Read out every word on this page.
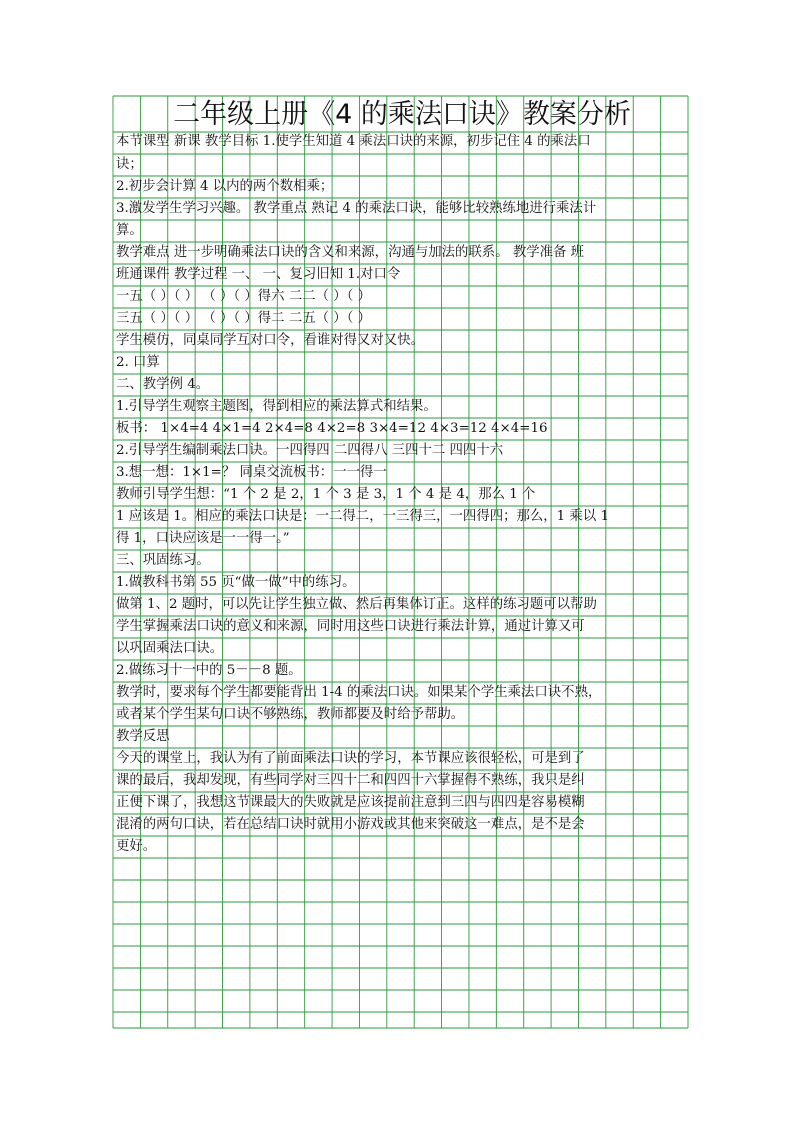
二年级上册《4 的乘法口诀》教案分析
本节课型 新课 教学目标 1.使学生知道 4 乘法口诀的来源，初步记住 4 的乘法口
诀；
2.初步会计算 4 以内的两个数相乘；
3.激发学生学习兴趣。 教学重点 熟记 4 的乘法口诀，能够比较熟练地进行乘法计
算。
教学难点 进一步明确乘法口诀的含义和来源，沟通与加法的联系。 教学准备 班
班通课件 教学过程 一、 一、复习旧知 1.对口令
一五（ ）（ ） （ ）（ ）得六 二二（ ）（ ）
三五（ ）（ ） （ ）（ ）得二 二五（ ）（ ）
学生模仿，同桌同学互对口令，看谁对得又对又快。
2. 口算
二、教学例 4。
1.引导学生观察主题图，得到相应的乘法算式和结果。
板书： 1×4=4 4×1=4 2×4=8 4×2=8 3×4=12 4×3=12 4×4=16
2.引导学生编制乘法口诀。一四得四 二四得八 三四十二 四四十六
3.想一想：1×1=？ 同桌交流板书：一一得一
教师引导学生想：“1 个 2 是 2，1 个 3 是 3，1 个 4 是 4，那么 1 个
1 应该是 1。相应的乘法口诀是：一二得二，一三得三，一四得四；那么，1 乘以 1
得 1，口诀应该是一一得一。”
三、巩固练习。
1.做教科书第 55 页“做一做”中的练习。
做第 1、2 题时，可以先让学生独立做、然后再集体订正。这样的练习题可以帮助
学生掌握乘法口诀的意义和来源，同时用这些口诀进行乘法计算，通过计算又可
以巩固乘法口诀。
2.做练习十一中的 5－－8 题。
教学时，要求每个学生都要能背出 1-4 的乘法口诀。如果某个学生乘法口诀不熟，
或者某个学生某句口诀不够熟练，教师都要及时给予帮助。
教学反思
今天的课堂上，我认为有了前面乘法口诀的学习，本节课应该很轻松，可是到了
课的最后，我却发现，有些同学对三四十二和四四十六掌握得不熟练，我只是纠
正便下课了，我想这节课最大的失败就是应该提前注意到三四与四四是容易模糊
混淆的两句口诀，若在总结口诀时就用小游戏或其他来突破这一难点，是不是会
更好。
